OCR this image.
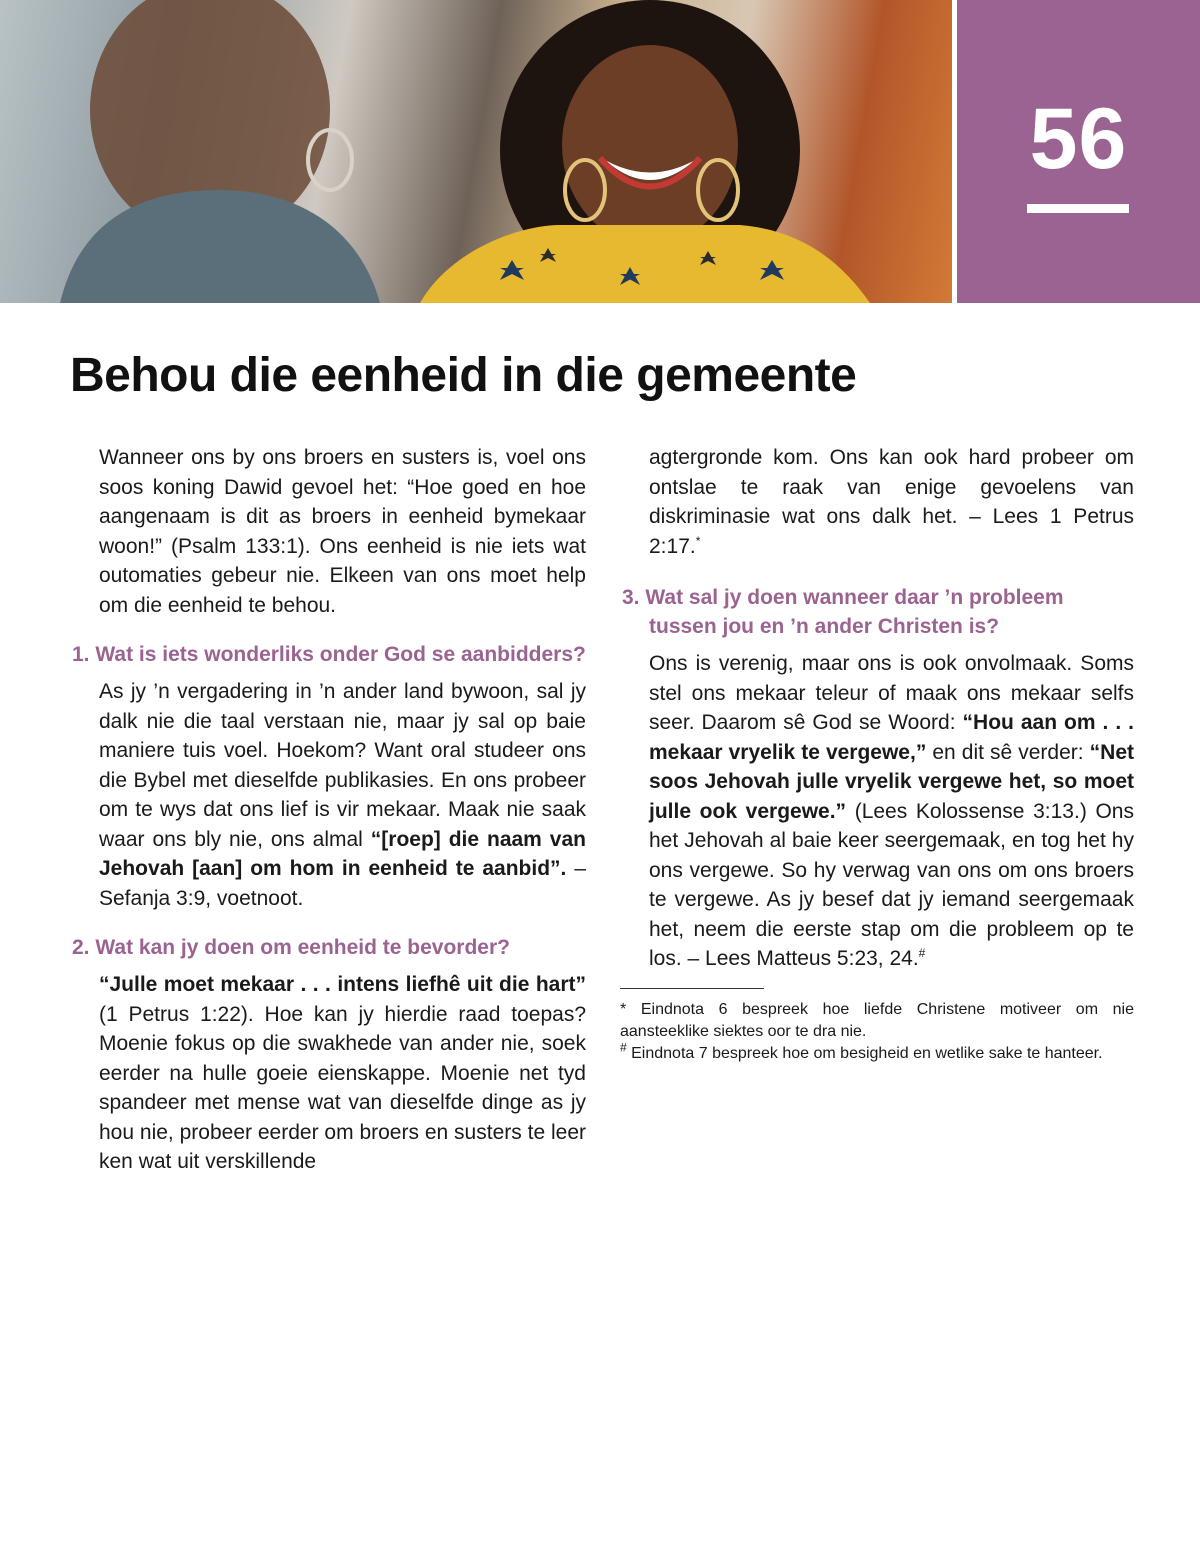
56
Behou die eenheid in die gemeente

Wanneer ons by ons broers en susters is, voel ons soos koning Dawid gevoel het: “Hoe goed en hoe aangenaam is dit as broers in eenheid bymekaar woon!” (Psalm 133:1). Ons eenheid is nie iets wat outomaties gebeur nie. Elkeen van ons moet help om die eenheid te behou.

1. Wat is iets wonderliks onder God se aanbidders?

As jy ’n vergadering in ’n ander land bywoon, sal jy dalk nie die taal verstaan nie, maar jy sal op baie maniere tuis voel. Hoekom? Want oral studeer ons die Bybel met dieselfde publikasies. En ons probeer om te wys dat ons lief is vir mekaar. Maak nie saak waar ons bly nie, ons almal “[roep] die naam van Jehovah [aan] om hom in eenheid te aanbid”. – Sefanja 3:9, voetnoot.

2. Wat kan jy doen om eenheid te bevorder?

“Julle moet mekaar . . . intens liefhê uit die hart” (1 Petrus 1:22). Hoe kan jy hierdie raad toepas? Moenie fokus op die swakhede van ander nie, soek eerder na hulle goeie eienskappe. Moenie net tyd spandeer met mense wat van dieselfde dinge as jy hou nie, probeer eerder om broers en susters te leer ken wat uit verskillende

agtergronde kom. Ons kan ook hard probeer om ontslae te raak van enige gevoelens van diskriminasie wat ons dalk het. – Lees 1 Petrus 2:17.*

3. Wat sal jy doen wanneer daar ’n probleem tussen jou en ’n ander Christen is?

Ons is verenig, maar ons is ook onvolmaak. Soms stel ons mekaar teleur of maak ons mekaar selfs seer. Daarom sê God se Woord: “Hou aan om . . . mekaar vryelik te vergewe,” en dit sê verder: “Net soos Jehovah julle vryelik vergewe het, so moet julle ook vergewe.” (Lees Kolossense 3:13.) Ons het Jehovah al baie keer seergemaak, en tog het hy ons vergewe. So hy verwag van ons om ons broers te vergewe. As jy besef dat jy iemand seergemaak het, neem die eerste stap om die probleem op te los. – Lees Matteus 5:23, 24.#

* Eindnota 6 bespreek hoe liefde Christene motiveer om nie aansteeklike siektes oor te dra nie.

# Eindnota 7 bespreek hoe om besigheid en wetlike sake te hanteer.
